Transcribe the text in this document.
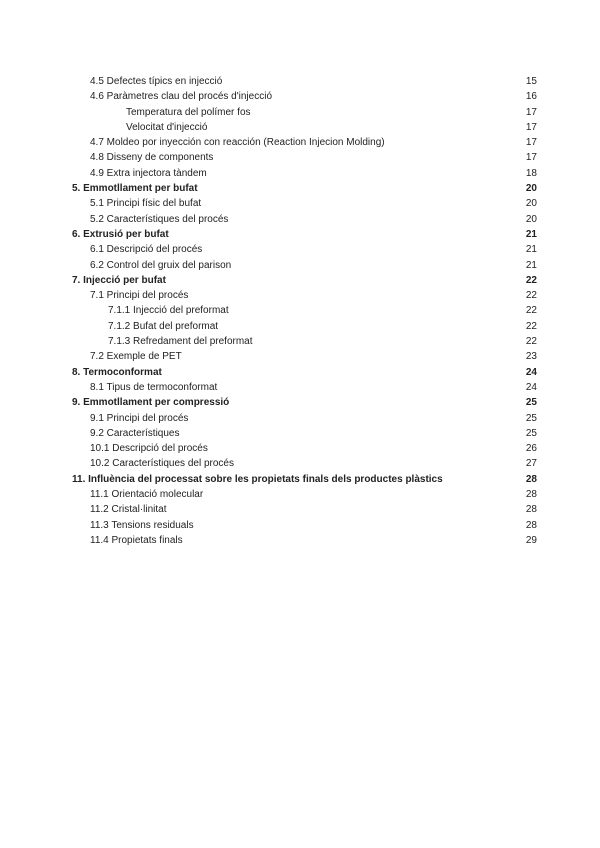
4.5 Defectes típics en injecció	15
4.6 Paràmetres clau del procés d'injecció	16
Temperatura del polímer fos	17
Velocitat d'injecció	17
4.7 Moldeo por inyección con reacción (Reaction Injecion Molding)	17
4.8 Disseny de components	17
4.9 Extra injectora tàndem	18
5. Emmotllament per bufat	20
5.1 Principi físic del bufat	20
5.2 Característiques del procés	20
6. Extrusió per bufat	21
6.1 Descripció del procés	21
6.2 Control del gruix del parison	21
7. Injecció per bufat	22
7.1 Principi del procés	22
7.1.1 Injecció del preformat	22
7.1.2 Bufat del preformat	22
7.1.3 Refredament del preformat	22
7.2 Exemple de PET	23
8. Termoconformat	24
8.1 Tipus de termoconformat	24
9. Emmotllament per compressió	25
9.1 Principi del procés	25
9.2 Característiques	25
10.1 Descripció del procés	26
10.2 Característiques del procés	27
11. Influència del processat sobre les propietats finals dels productes plàstics	28
11.1 Orientació molecular	28
11.2 Cristal·linitat	28
11.3 Tensions residuals	28
11.4 Propietats finals	29
